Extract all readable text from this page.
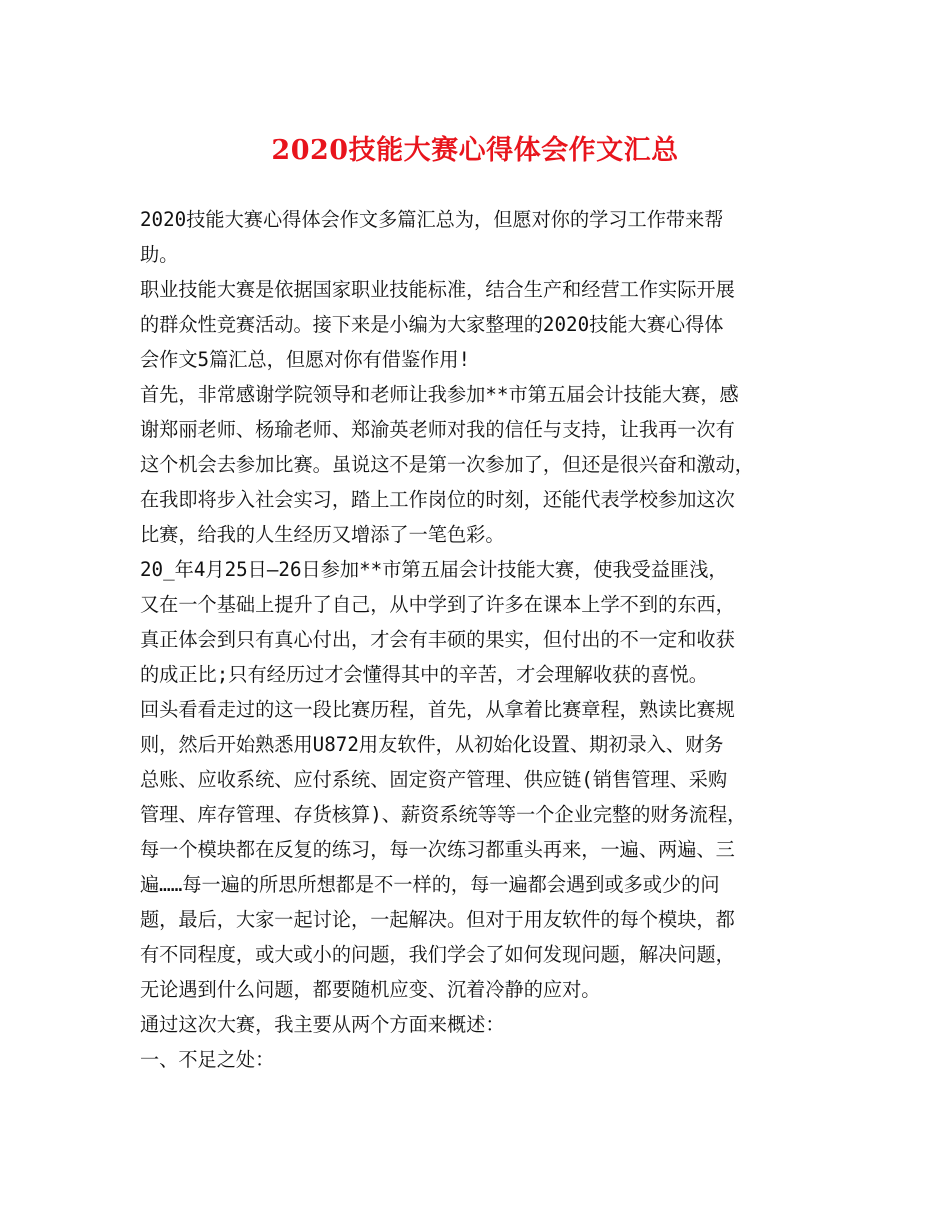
2020技能大赛心得体会作文汇总
2020技能大赛心得体会作文多篇汇总为，但愿对你的学习工作带来帮
助。
职业技能大赛是依据国家职业技能标准，结合生产和经营工作实际开展
的群众性竞赛活动。接下来是小编为大家整理的2020技能大赛心得体
会作文5篇汇总，但愿对你有借鉴作用!
首先，非常感谢学院领导和老师让我参加**市第五届会计技能大赛，感
谢郑丽老师、杨瑜老师、郑渝英老师对我的信任与支持，让我再一次有
这个机会去参加比赛。虽说这不是第一次参加了，但还是很兴奋和激动，
在我即将步入社会实习，踏上工作岗位的时刻，还能代表学校参加这次
比赛，给我的人生经历又增添了一笔色彩。
20_年4月25日—26日参加**市第五届会计技能大赛，使我受益匪浅，
又在一个基础上提升了自己，从中学到了许多在课本上学不到的东西，
真正体会到只有真心付出，才会有丰硕的果实，但付出的不一定和收获
的成正比;只有经历过才会懂得其中的辛苦，才会理解收获的喜悦。
回头看看走过的这一段比赛历程，首先，从拿着比赛章程，熟读比赛规
则，然后开始熟悉用U872用友软件，从初始化设置、期初录入、财务
总账、应收系统、应付系统、固定资产管理、供应链(销售管理、采购
管理、库存管理、存货核算)、薪资系统等等一个企业完整的财务流程，
每一个模块都在反复的练习，每一次练习都重头再来，一遍、两遍、三
遍……每一遍的所思所想都是不一样的，每一遍都会遇到或多或少的问
题，最后，大家一起讨论，一起解决。但对于用友软件的每个模块，都
有不同程度，或大或小的问题，我们学会了如何发现问题，解决问题，
无论遇到什么问题，都要随机应变、沉着冷静的应对。
通过这次大赛，我主要从两个方面来概述：
一、不足之处：
